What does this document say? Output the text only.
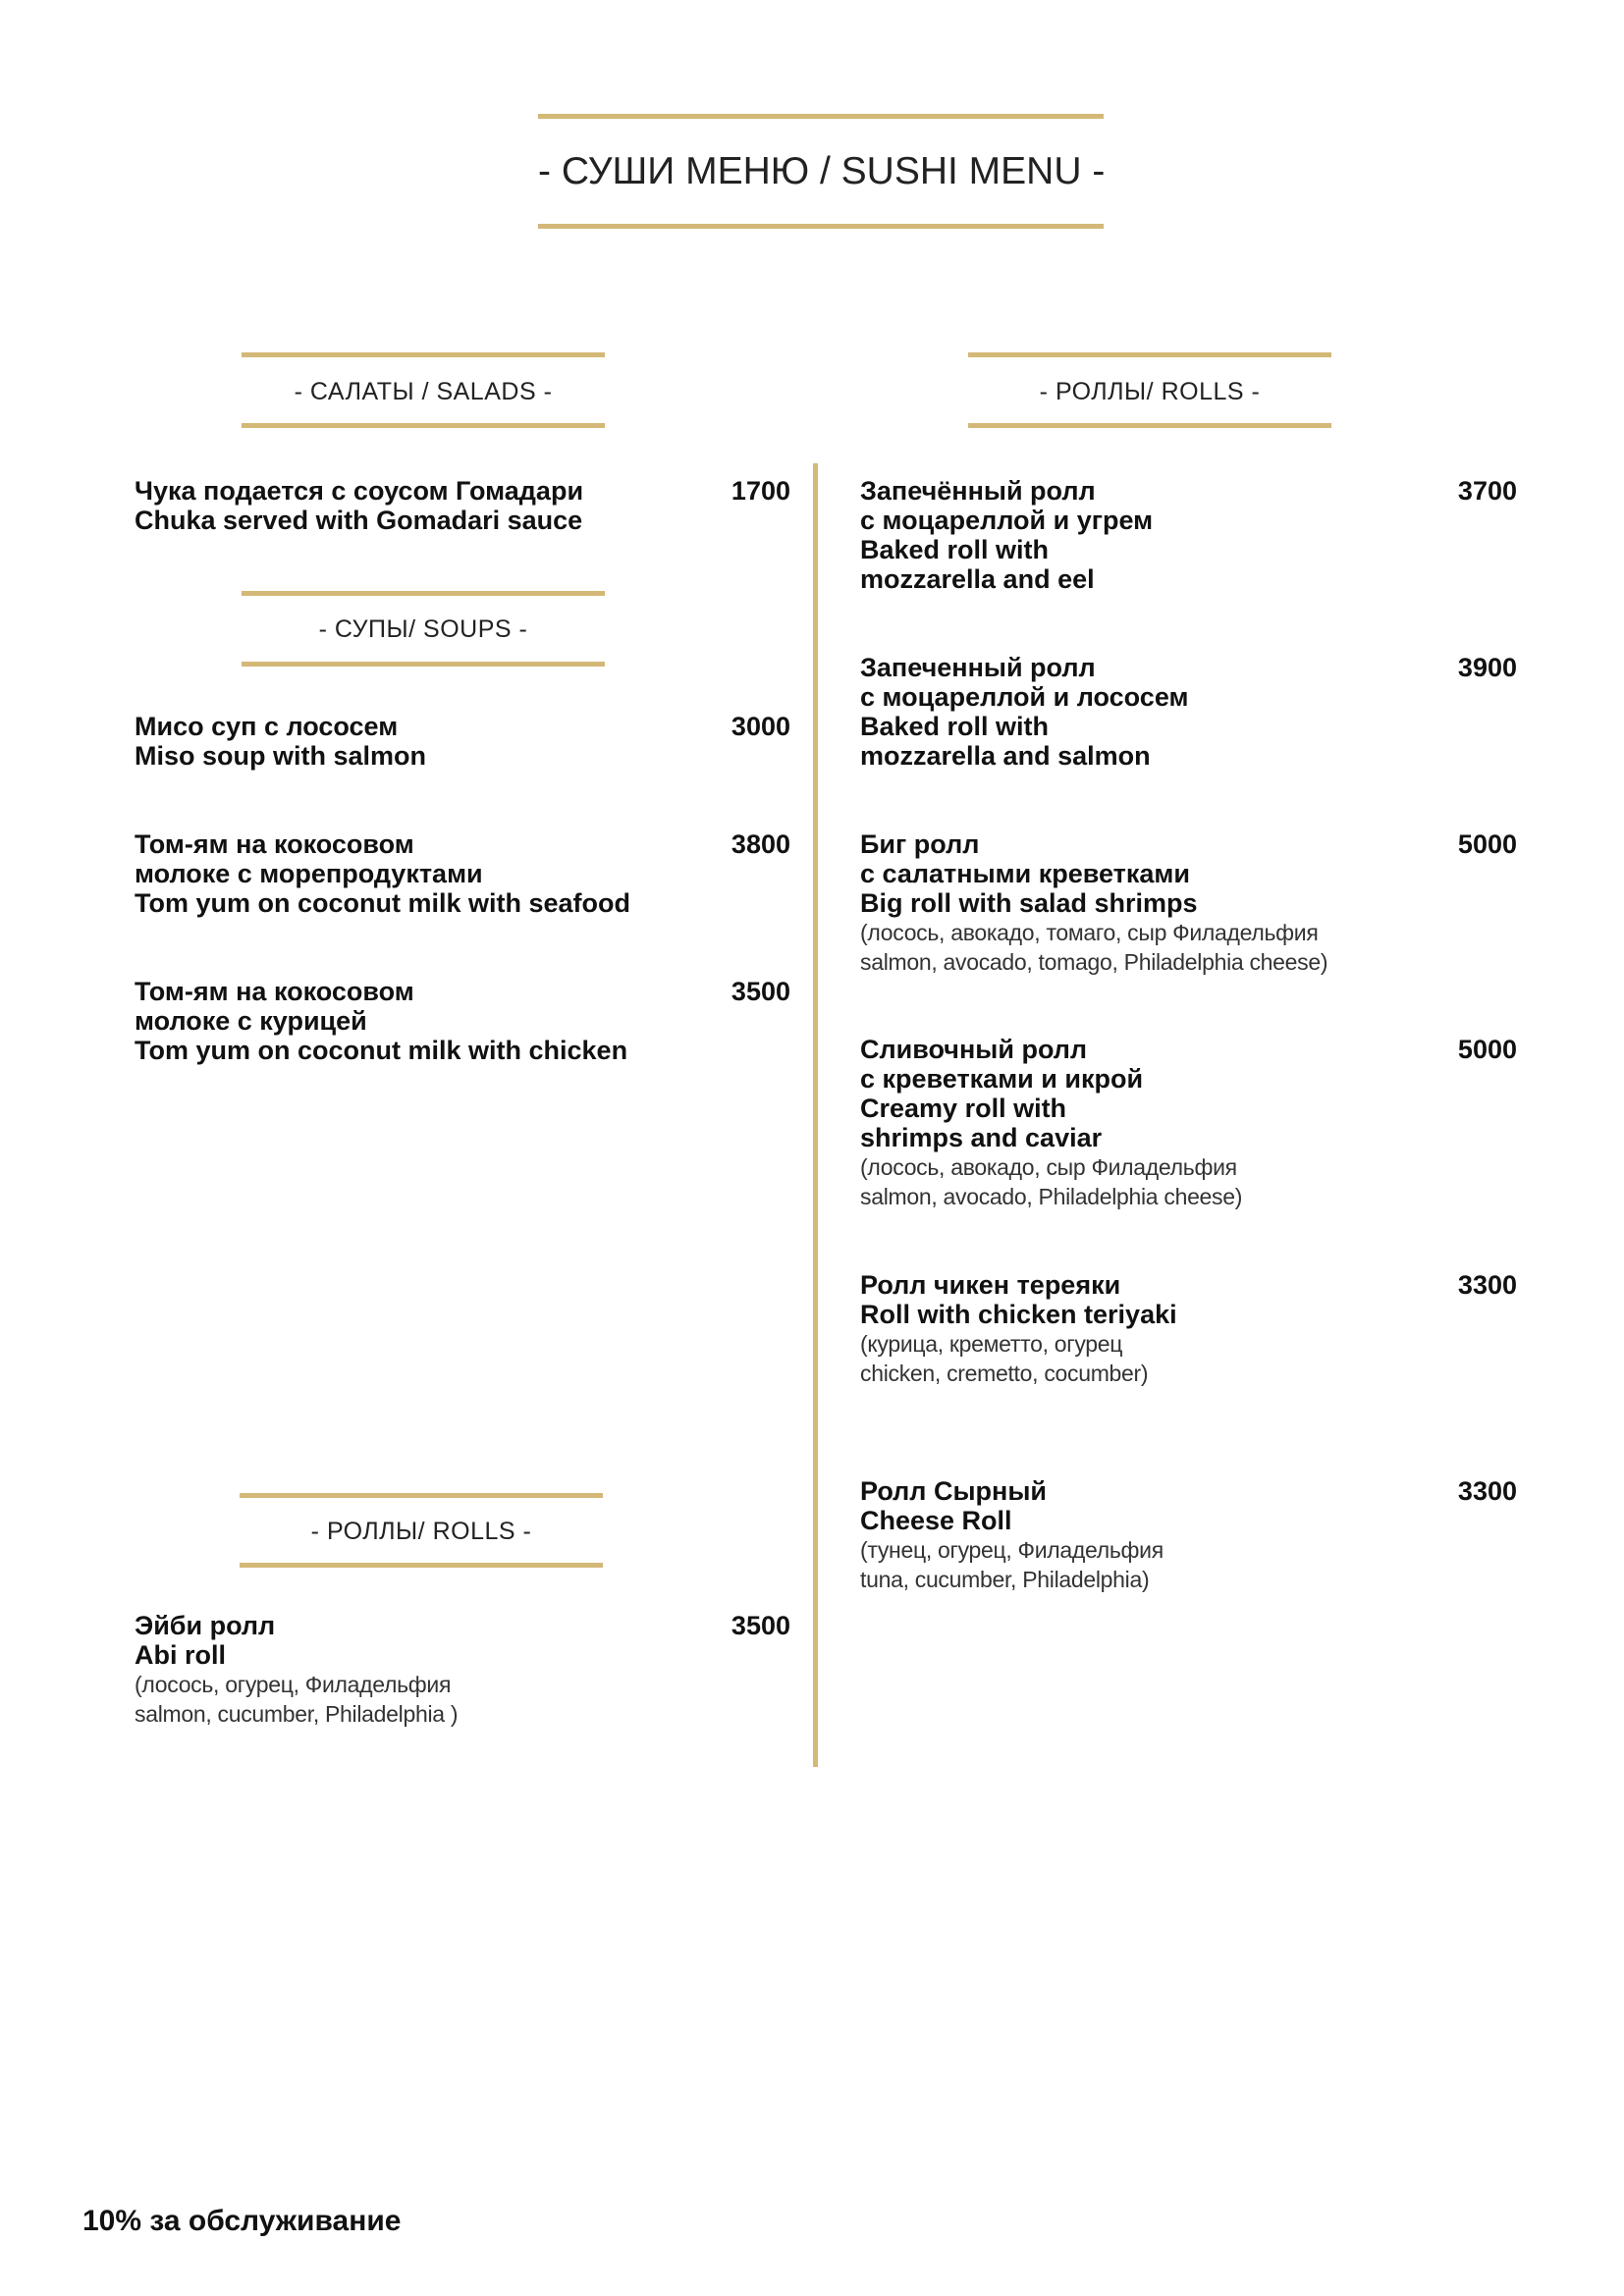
- СУШИ МЕНЮ / SUSHI MENU -
- САЛАТЫ / SALADS -	- РОЛЛЫ/ ROLLS -
- СУПЫ/ SOUPS -
- РОЛЛЫ/ ROLLS -
Чука подается с соусом Гомадари
Chuka served with Gomadari sauce
1700
Мисо суп с лососем
Miso soup with salmon
3000
Том-ям на кокосовом
молоке с морепродуктами
Tom yum on coconut milk with seafood
3800
Том-ям на кокосовом
молоке с курицей
Tom yum on coconut milk with chicken
3500
Эйби ролл
Abi roll
(лосось, огурец, Филадельфия
salmon, cucumber, Philadelphia )
3500
Запечённый ролл
с моцареллой и угрем
Baked roll with
mozzarella and eel
3700
Запеченный ролл
с моцареллой и лососем
Baked roll with
mozzarella and salmon
3900
Биг ролл
с салатными креветками
Big roll with salad shrimps
(лосось, авокадо, томаго, сыр Филадельфия
salmon, avocado, tomago, Philadelphia cheese)
5000
Сливочный ролл
с креветками и икрой
Creamy roll with
shrimps and caviar
(лосось, авокадо, сыр Филадельфия
salmon, avocado, Philadelphia cheese)
5000
Ролл чикен тереяки
Roll with chicken teriyaki
(курица, креметто, огурец
chicken, cremetto, cocumber)
3300
Ролл Сырный
Cheese Roll
(тунец, огурец, Филадельфия
tuna, cucumber, Philadelphia)
3300
10% за обслуживание
